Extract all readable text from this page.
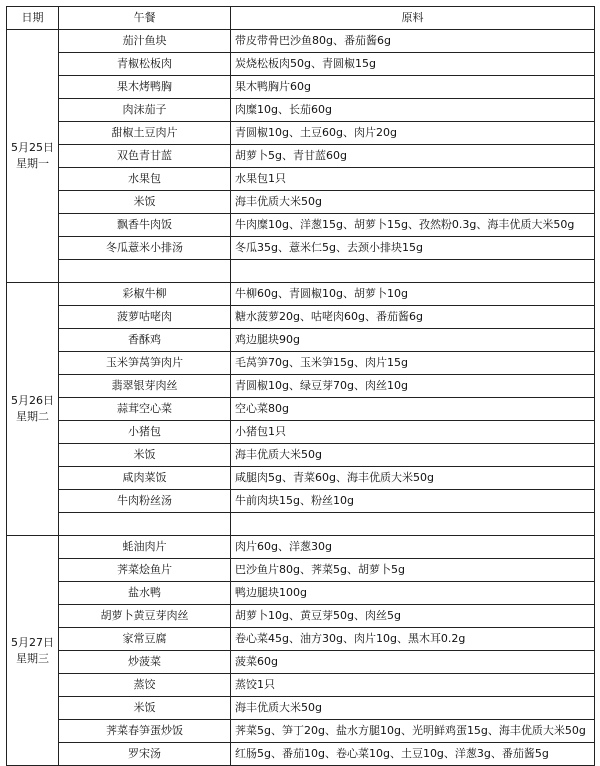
日期	午餐	原料

5月25日
星期一	茄汁鱼块	带皮带骨巴沙鱼80g、番茄酱6g
	青椒松板肉	炭烧松板肉50g、青圆椒15g
	果木烤鸭胸	果木鸭胸片60g
	肉沫茄子	肉糜10g、长茄60g
	甜椒土豆肉片	青圆椒10g、土豆60g、肉片20g
	双色青甘蓝	胡萝卜5g、青甘蓝60g
	水果包	水果包1只
	米饭	海丰优质大米50g
	飘香牛肉饭	牛肉糜10g、洋葱15g、胡萝卜15g、孜然粉0.3g、海丰优质大米50g
	冬瓜薏米小排汤	冬瓜35g、薏米仁5g、去颈小排块15g

5月26日
星期二	彩椒牛柳	牛柳60g、青圆椒10g、胡萝卜10g
	菠萝咕咾肉	糖水菠萝20g、咕咾肉60g、番茄酱6g
	香酥鸡	鸡边腿块90g
	玉米笋莴笋肉片	毛莴笋70g、玉米笋15g、肉片15g
	翡翠银芽肉丝	青圆椒10g、绿豆芽70g、肉丝10g
	蒜茸空心菜	空心菜80g
	小猪包	小猪包1只
	米饭	海丰优质大米50g
	咸肉菜饭	咸腿肉5g、青菜60g、海丰优质大米50g
	牛肉粉丝汤	牛前肉块15g、粉丝10g

5月27日
星期三	蚝油肉片	肉片60g、洋葱30g
	荠菜烩鱼片	巴沙鱼片80g、荠菜5g、胡萝卜5g
	盐水鸭	鸭边腿块100g
	胡萝卜黄豆芽肉丝	胡萝卜10g、黄豆芽50g、肉丝5g
	家常豆腐	卷心菜45g、油方30g、肉片10g、黑木耳0.2g
	炒菠菜	菠菜60g
	蒸饺	蒸饺1只
	米饭	海丰优质大米50g
	荠菜春笋蛋炒饭	荠菜5g、笋丁20g、盐水方腿10g、光明鲜鸡蛋15g、海丰优质大米50g
	罗宋汤	红肠5g、番茄10g、卷心菜10g、土豆10g、洋葱3g、番茄酱5g
